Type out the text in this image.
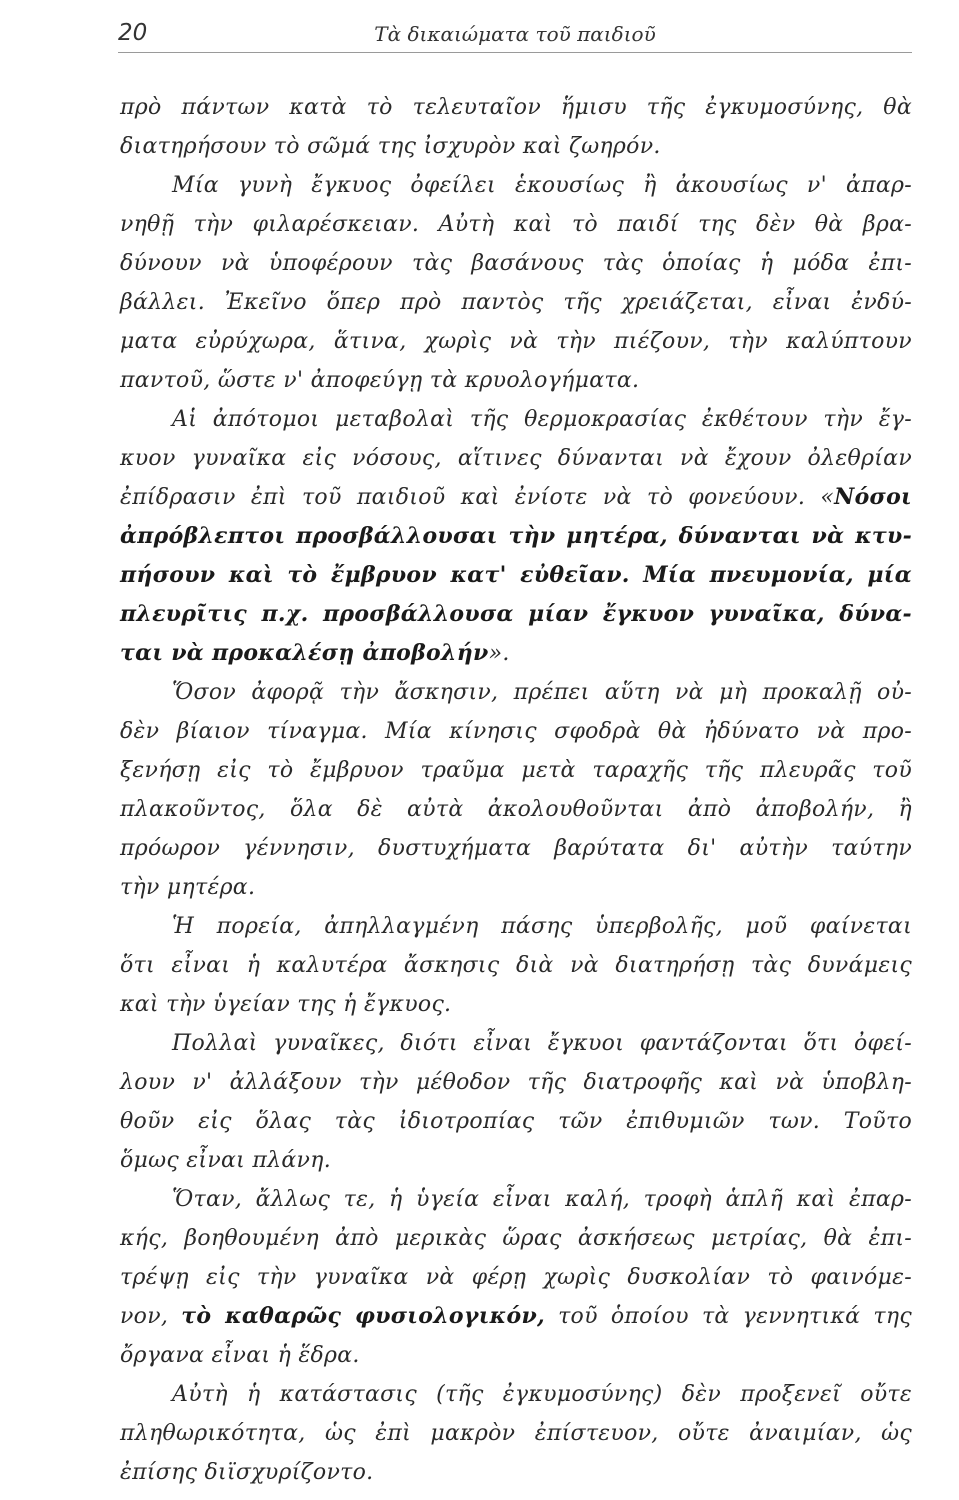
20	Τὰ δικαιώματα τοῦ παιδιοῦ
πρὸ πάντων κατὰ τὸ τελευταῖον ἥμισυ τῆς ἐγκυμοσύνης, θὰ
διατηρήσουν τὸ σῶμά της ἰσχυρὸν καὶ ζωηρόν.
Μία γυνὴ ἔγκυος ὀφείλει ἑκουσίως ἢ ἀκουσίως ν' ἀπαρ-
νηθῇ τὴν φιλαρέσκειαν. Αὐτὴ καὶ τὸ παιδί της δὲν θὰ βρα-
δύνουν νὰ ὑποφέρουν τὰς βασάνους τὰς ὁποίας ἡ μόδα ἐπι-
βάλλει. Ἐκεῖνο ὅπερ πρὸ παντὸς τῆς χρειάζεται, εἶναι ἐνδύ-
ματα εὐρύχωρα, ἅτινα, χωρὶς νὰ τὴν πιέζουν, τὴν καλύπτουν
παντοῦ, ὥστε ν' ἀποφεύγῃ τὰ κρυολογήματα.
Αἱ ἀπότομοι μεταβολαὶ τῆς θερμοκρασίας ἐκθέτουν τὴν ἔγ-
κυον γυναῖκα εἰς νόσους, αἵτινες δύνανται νὰ ἔχουν ὀλεθρίαν
ἐπίδρασιν ἐπὶ τοῦ παιδιοῦ καὶ ἐνίοτε νὰ τὸ φονεύουν. «Νόσοι
ἀπρόβλεπτοι προσβάλλουσαι τὴν μητέρα, δύνανται νὰ κτυ-
πήσουν καὶ τὸ ἔμβρυον κατ' εὐθεῖαν. Μία πνευμονία, μία
πλευρῖτις π.χ. προσβάλλουσα μίαν ἔγκυον γυναῖκα, δύνα-
ται νὰ προκαλέσῃ ἀποβολήν».
Ὅσον ἀφορᾷ τὴν ἄσκησιν, πρέπει αὕτη νὰ μὴ προκαλῇ οὐ-
δὲν βίαιον τίναγμα. Μία κίνησις σφοδρὰ θὰ ἠδύνατο νὰ προ-
ξενήσῃ εἰς τὸ ἔμβρυον τραῦμα μετὰ ταραχῆς τῆς πλευρᾶς τοῦ
πλακοῦντος, ὅλα δὲ αὐτὰ ἀκολουθοῦνται ἀπὸ ἀποβολήν, ἢ
πρόωρον γέννησιν, δυστυχήματα βαρύτατα δι' αὐτὴν ταύτην
τὴν μητέρα.
Ἡ πορεία, ἀπηλλαγμένη πάσης ὑπερβολῆς, μοῦ φαίνεται
ὅτι εἶναι ἡ καλυτέρα ἄσκησις διὰ νὰ διατηρήσῃ τὰς δυνάμεις
καὶ τὴν ὑγείαν της ἡ ἔγκυος.
Πολλαὶ γυναῖκες, διότι εἶναι ἔγκυοι φαντάζονται ὅτι ὀφεί-
λουν ν' ἀλλάξουν τὴν μέθοδον τῆς διατροφῆς καὶ νὰ ὑποβλη-
θοῦν εἰς ὅλας τὰς ἰδιοτροπίας τῶν ἐπιθυμιῶν των. Τοῦτο
ὅμως εἶναι πλάνη.
Ὅταν, ἄλλως τε, ἡ ὑγεία εἶναι καλή, τροφὴ ἁπλῆ καὶ ἐπαρ-
κής, βοηθουμένη ἀπὸ μερικὰς ὥρας ἀσκήσεως μετρίας, θὰ ἐπι-
τρέψῃ εἰς τὴν γυναῖκα νὰ φέρῃ χωρὶς δυσκολίαν τὸ φαινόμε-
νον, τὸ καθαρῶς φυσιολογικόν, τοῦ ὁποίου τὰ γεννητικά της
ὄργανα εἶναι ἡ ἕδρα.
Αὐτὴ ἡ κατάστασις (τῆς ἐγκυμοσύνης) δὲν προξενεῖ οὔτε
πληθωρικότητα, ὡς ἐπὶ μακρὸν ἐπίστευον, οὔτε ἀναιμίαν, ὡς
ἐπίσης διϊσχυρίζοντο.
